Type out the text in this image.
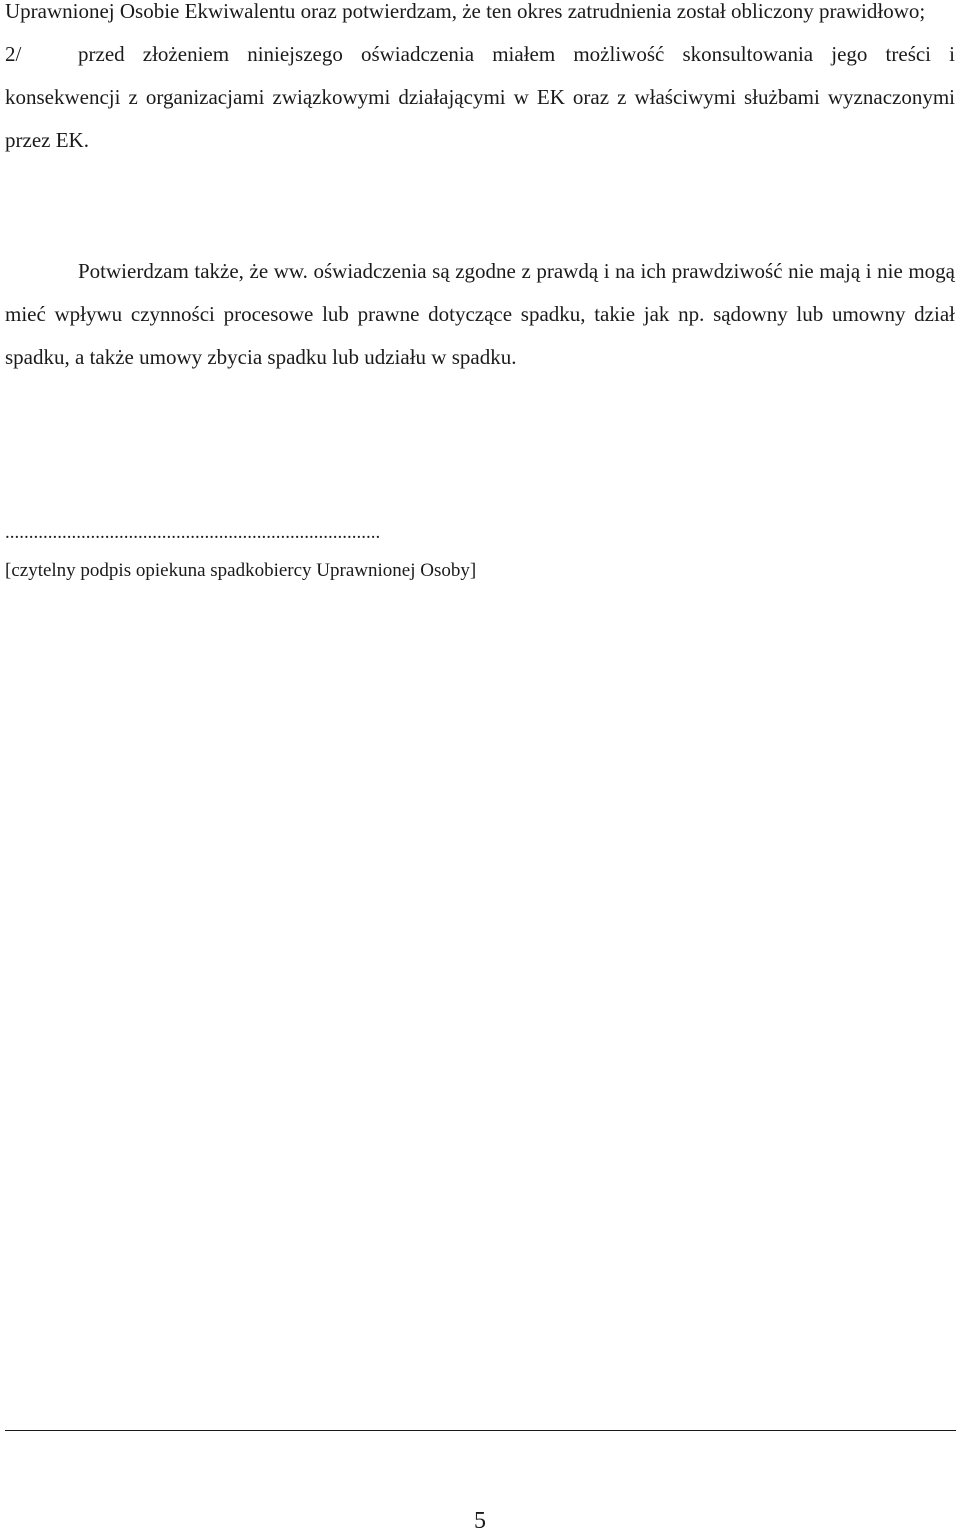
Uprawnionej Osobie Ekwiwalentu oraz potwierdzam, że ten okres zatrudnienia został obliczony prawidłowo;
2/	przed złożeniem niniejszego oświadczenia miałem możliwość skonsultowania jego treści i konsekwencji z organizacjami związkowymi działającymi w EK oraz z właściwymi służbami wyznaczonymi przez EK.

Potwierdzam także, że ww. oświadczenia są zgodne z prawdą i na ich prawdziwość nie mają i nie mogą mieć wpływu czynności procesowe lub prawne dotyczące spadku, takie jak np. sądowny lub umowny dział spadku, a także umowy zbycia spadku lub udziału w spadku.

...............................................................................
[czytelny podpis opiekuna spadkobiercy Uprawnionej Osoby]
5
